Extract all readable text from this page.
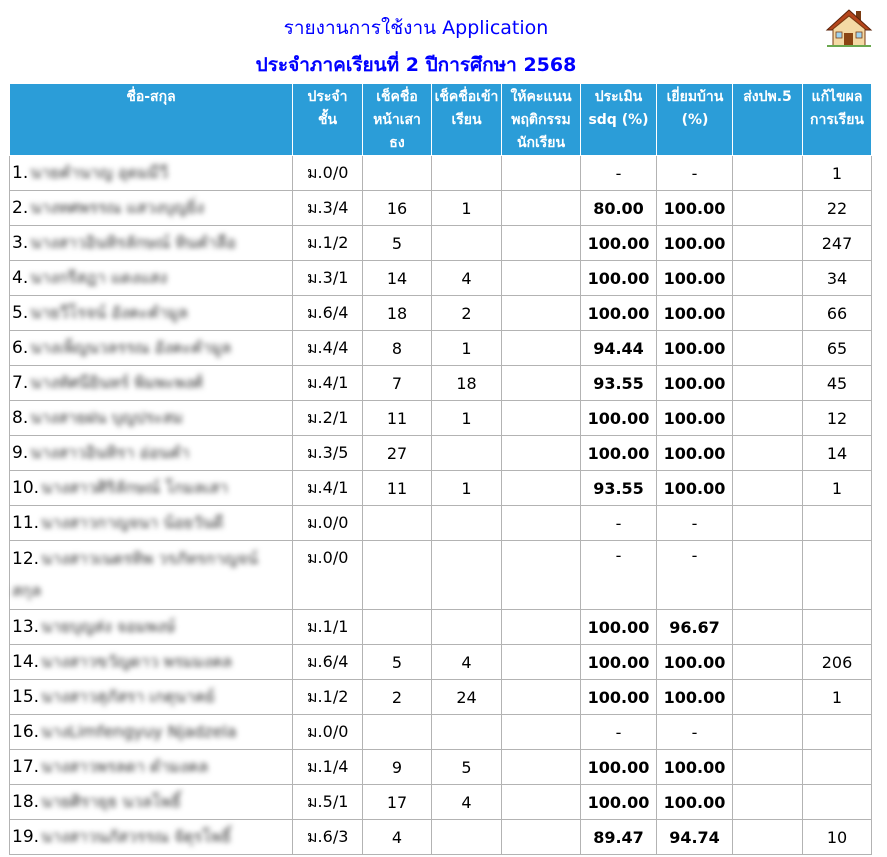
รายงานการใช้งาน Application
ประจำภาคเรียนที่ 2 ปีการศึกษา 2568
ชื่อ-สกุล	ประจำชั้น	เช็คชื่อหน้าเสาธง	เช็คชื่อเข้าเรียน	ให้คะแนนพฤติกรรมนักเรียน	ประเมิน sdq (%)	เยี่ยมบ้าน (%)	ส่งปพ.5	แก้ไขผลการเรียน
1. นายคำนาญ อุดมมีวี	ม.0/0				-	-		1
2. นางทศพรรณ แสวงบุญยิ่ง	ม.3/4	16	1		80.00	100.00		22
3. นางสาวอินทิรลักษณ์ ทินคำลือ	ม.1/2	5			100.00	100.00		247
4. นางกรีสฎา แดงแสง	ม.3/1	14	4		100.00	100.00		34
5. นายวีโรจน์ อังคะคำมูล	ม.6/4	18	2		100.00	100.00		66
6. นางเพ็ญนวลรรณ อังคะคำมูล	ม.4/4	8	1		94.44	100.00		65
7. นางทัศนียินทร์ พิมพะพงศ์	ม.4/1	7	18		93.55	100.00		45
8. นางสายฝน บุญประสม	ม.2/1	11	1		100.00	100.00		12
9. นางสาวอินทิรา อ่อนคำ	ม.3/5	27			100.00	100.00		14
10. นางสาวศิริลักษณ์ โกมลเสา	ม.4/1	11	1		93.55	100.00		1
11. นางสาวกาญจนา น้อยวันดี	ม.0/0				-	-		
12. นางสาวเนตรทิพ วรภัทรกาญจน์
สกุล	ม.0/0				-	-		
13. นายบุญส่ง จอมพงษ์	ม.1/1				100.00	96.67		
14. นางสาวขวัญดาว พรมมงคล	ม.6/4	5	4		100.00	100.00		206
15. นางสาวสุภัสรา เกตุนาคย์	ม.1/2	2	24		100.00	100.00		1
16. นางLimfengyuy Njadzela	ม.0/0				-	-		
17. นางสาวพรลดา ดำมงคล	ม.1/4	9	5		100.00	100.00		
18. นายศิรายุธ นวลโพธิ์	ม.5/1	17	4		100.00	100.00		
19. นางสาวนภัสวรรณ จัตุรโพธิ์	ม.6/3	4			89.47	94.74		10
